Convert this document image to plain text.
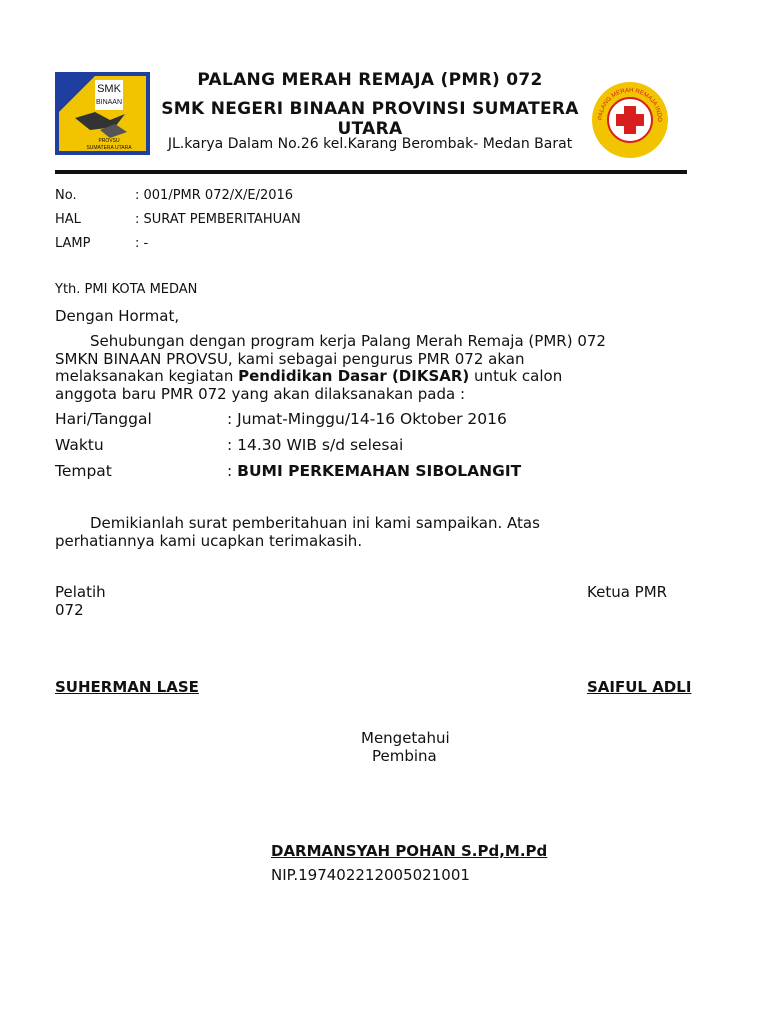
SMK
BINAAN
PROVSU
SUMATERA UTARA
PALANG MERAH REMAJA INDO
PALANG MERAH REMAJA (PMR) 072
SMK NEGERI BINAAN PROVINSI SUMATERA
UTARA
JL.karya Dalam No.26 kel.Karang Berombak- Medan Barat
No.	: 001/PMR 072/X/E/2016
HAL	: SURAT PEMBERITAHUAN
LAMP	: -
Yth. PMI KOTA MEDAN
Dengan Hormat,
Sehubungan dengan program kerja Palang Merah Remaja (PMR) 072
SMKN BINAAN PROVSU, kami sebagai pengurus PMR 072 akan
melaksanakan kegiatan Pendidikan Dasar (DIKSAR) untuk calon
anggota baru PMR 072 yang akan dilaksanakan pada :
Hari/Tanggal	: Jumat-Minggu/14-16 Oktober 2016
Waktu	: 14.30 WIB s/d selesai
Tempat	: BUMI PERKEMAHAN SIBOLANGIT
Demikianlah surat pemberitahuan ini kami sampaikan. Atas
perhatiannya kami ucapkan terimakasih.
Pelatih
072
Ketua PMR
SUHERMAN LASE	SAIFUL ADLI
Mengetahui
Pembina
DARMANSYAH POHAN S.Pd,M.Pd
NIP.197402212005021001
